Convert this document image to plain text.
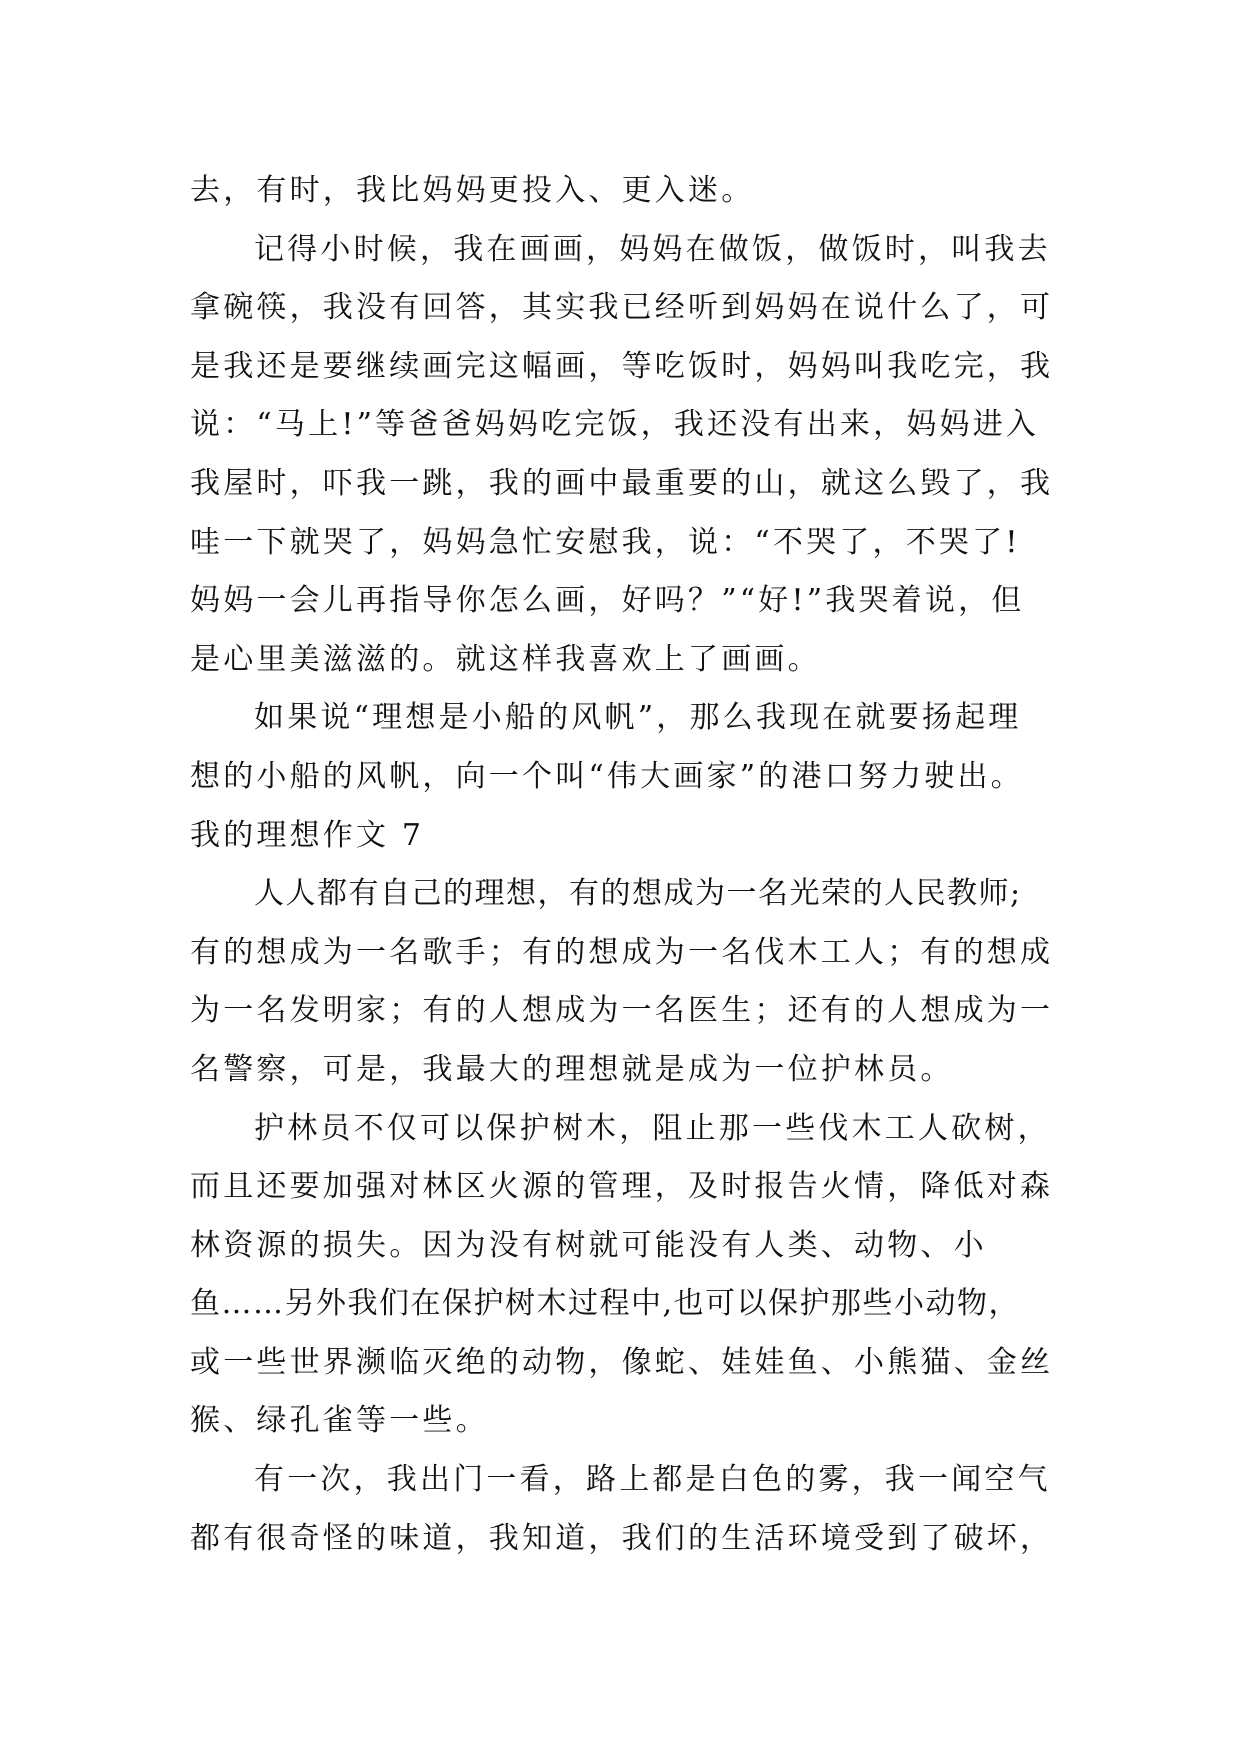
去，有时，我比妈妈更投入、更入迷。
记得小时候，我在画画，妈妈在做饭，做饭时，叫我去
拿碗筷，我没有回答，其实我已经听到妈妈在说什么了，可
是我还是要继续画完这幅画，等吃饭时，妈妈叫我吃完，我
说：“马上!”等爸爸妈妈吃完饭，我还没有出来，妈妈进入
我屋时，吓我一跳，我的画中最重要的山，就这么毁了，我
哇一下就哭了，妈妈急忙安慰我，说：“不哭了，不哭了!
妈妈一会儿再指导你怎么画，好吗？”“好!”我哭着说，但
是心里美滋滋的。就这样我喜欢上了画画。
如果说“理想是小船的风帆”，那么我现在就要扬起理
想的小船的风帆，向一个叫“伟大画家”的港口努力驶出。
我的理想作文 7
人人都有自己的理想，有的想成为一名光荣的人民教师;
有的想成为一名歌手；有的想成为一名伐木工人；有的想成
为一名发明家；有的人想成为一名医生；还有的人想成为一
名警察，可是，我最大的理想就是成为一位护林员。
护林员不仅可以保护树木，阻止那一些伐木工人砍树，
而且还要加强对林区火源的管理，及时报告火情，降低对森
林资源的损失。因为没有树就可能没有人类、动物、小
鱼……另外我们在保护树木过程中,也可以保护那些小动物，
或一些世界濒临灭绝的动物，像蛇、娃娃鱼、小熊猫、金丝
猴、绿孔雀等一些。
有一次，我出门一看，路上都是白色的雾，我一闻空气
都有很奇怪的味道，我知道，我们的生活环境受到了破坏，
